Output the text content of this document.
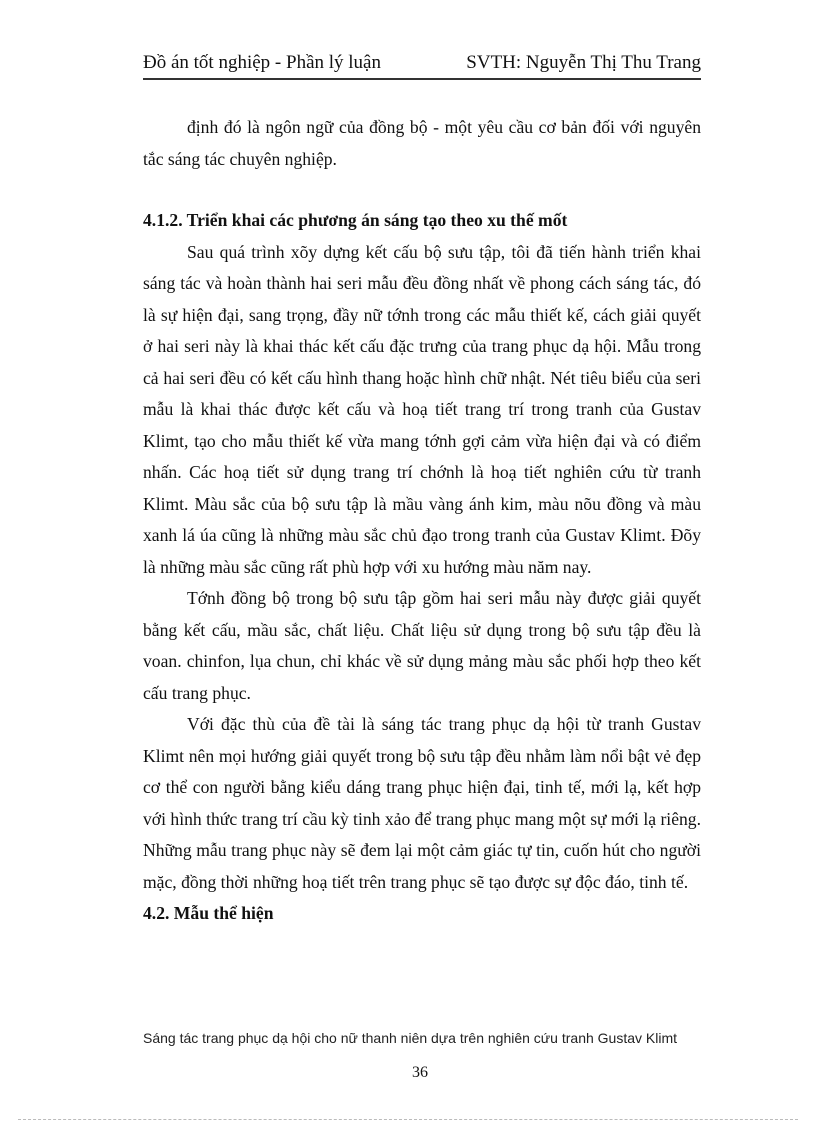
Đồ án tốt nghiệp - Phần lý luận	SVTH: Nguyễn Thị Thu Trang

định đó là ngôn ngữ của đồng bộ - một yêu cầu cơ bản đối với nguyên tắc sáng tác chuyên nghiệp.

4.1.2. Triển khai các phương án sáng tạo theo xu thế mốt

Sau quá trình xõy dựng kết cấu bộ sưu tập, tôi đã tiến hành triển khai sáng tác và hoàn thành hai seri mẫu đều đồng nhất về phong cách sáng tác, đó là sự hiện đại, sang trọng, đầy nữ tớnh trong các mẫu thiết kế, cách giải quyết ở hai seri này là khai thác kết cấu đặc trưng của trang phục dạ hội. Mẫu trong cả hai seri đều có kết cấu hình thang hoặc hình chữ nhật. Nét tiêu biểu của seri mẫu là khai thác được kết cấu và hoạ tiết trang trí trong tranh của Gustav Klimt, tạo cho mẫu thiết kế vừa mang tớnh gợi cảm vừa hiện đại và có điểm nhấn. Các hoạ tiết sử dụng trang trí chớnh là hoạ tiết nghiên cứu từ tranh Klimt. Màu sắc của bộ sưu tập là mầu vàng ánh kim, màu nõu đồng và màu xanh lá úa cũng là những màu sắc chủ đạo trong tranh của Gustav Klimt. Đõy là những màu sắc cũng rất phù hợp với xu hướng màu năm nay.

Tớnh đồng bộ trong bộ sưu tập gồm hai seri mẫu này được giải quyết bằng kết cấu, mầu sắc, chất liệu. Chất liệu sử dụng trong bộ sưu tập đều là voan. chinfon, lụa chun, chỉ khác về sử dụng mảng màu sắc phối hợp theo kết cấu trang phục.

Với đặc thù của đề tài là sáng tác trang phục dạ hội từ tranh Gustav Klimt nên mọi hướng giải quyết trong bộ sưu tập đều nhằm làm nổi bật vẻ đẹp cơ thể con người bằng kiểu dáng trang phục hiện đại, tinh tế, mới lạ, kết hợp với hình thức trang trí cầu kỳ tinh xảo để trang phục mang một sự mới lạ riêng. Những mẫu trang phục này sẽ đem lại một cảm giác tự tin, cuốn hút cho người mặc, đồng thời những hoạ tiết trên trang phục sẽ tạo được sự độc đáo, tinh tế.

4.2. Mẫu thể hiện

Sáng tác trang phục dạ hội cho nữ thanh niên dựa trên nghiên cứu tranh Gustav Klimt
36
